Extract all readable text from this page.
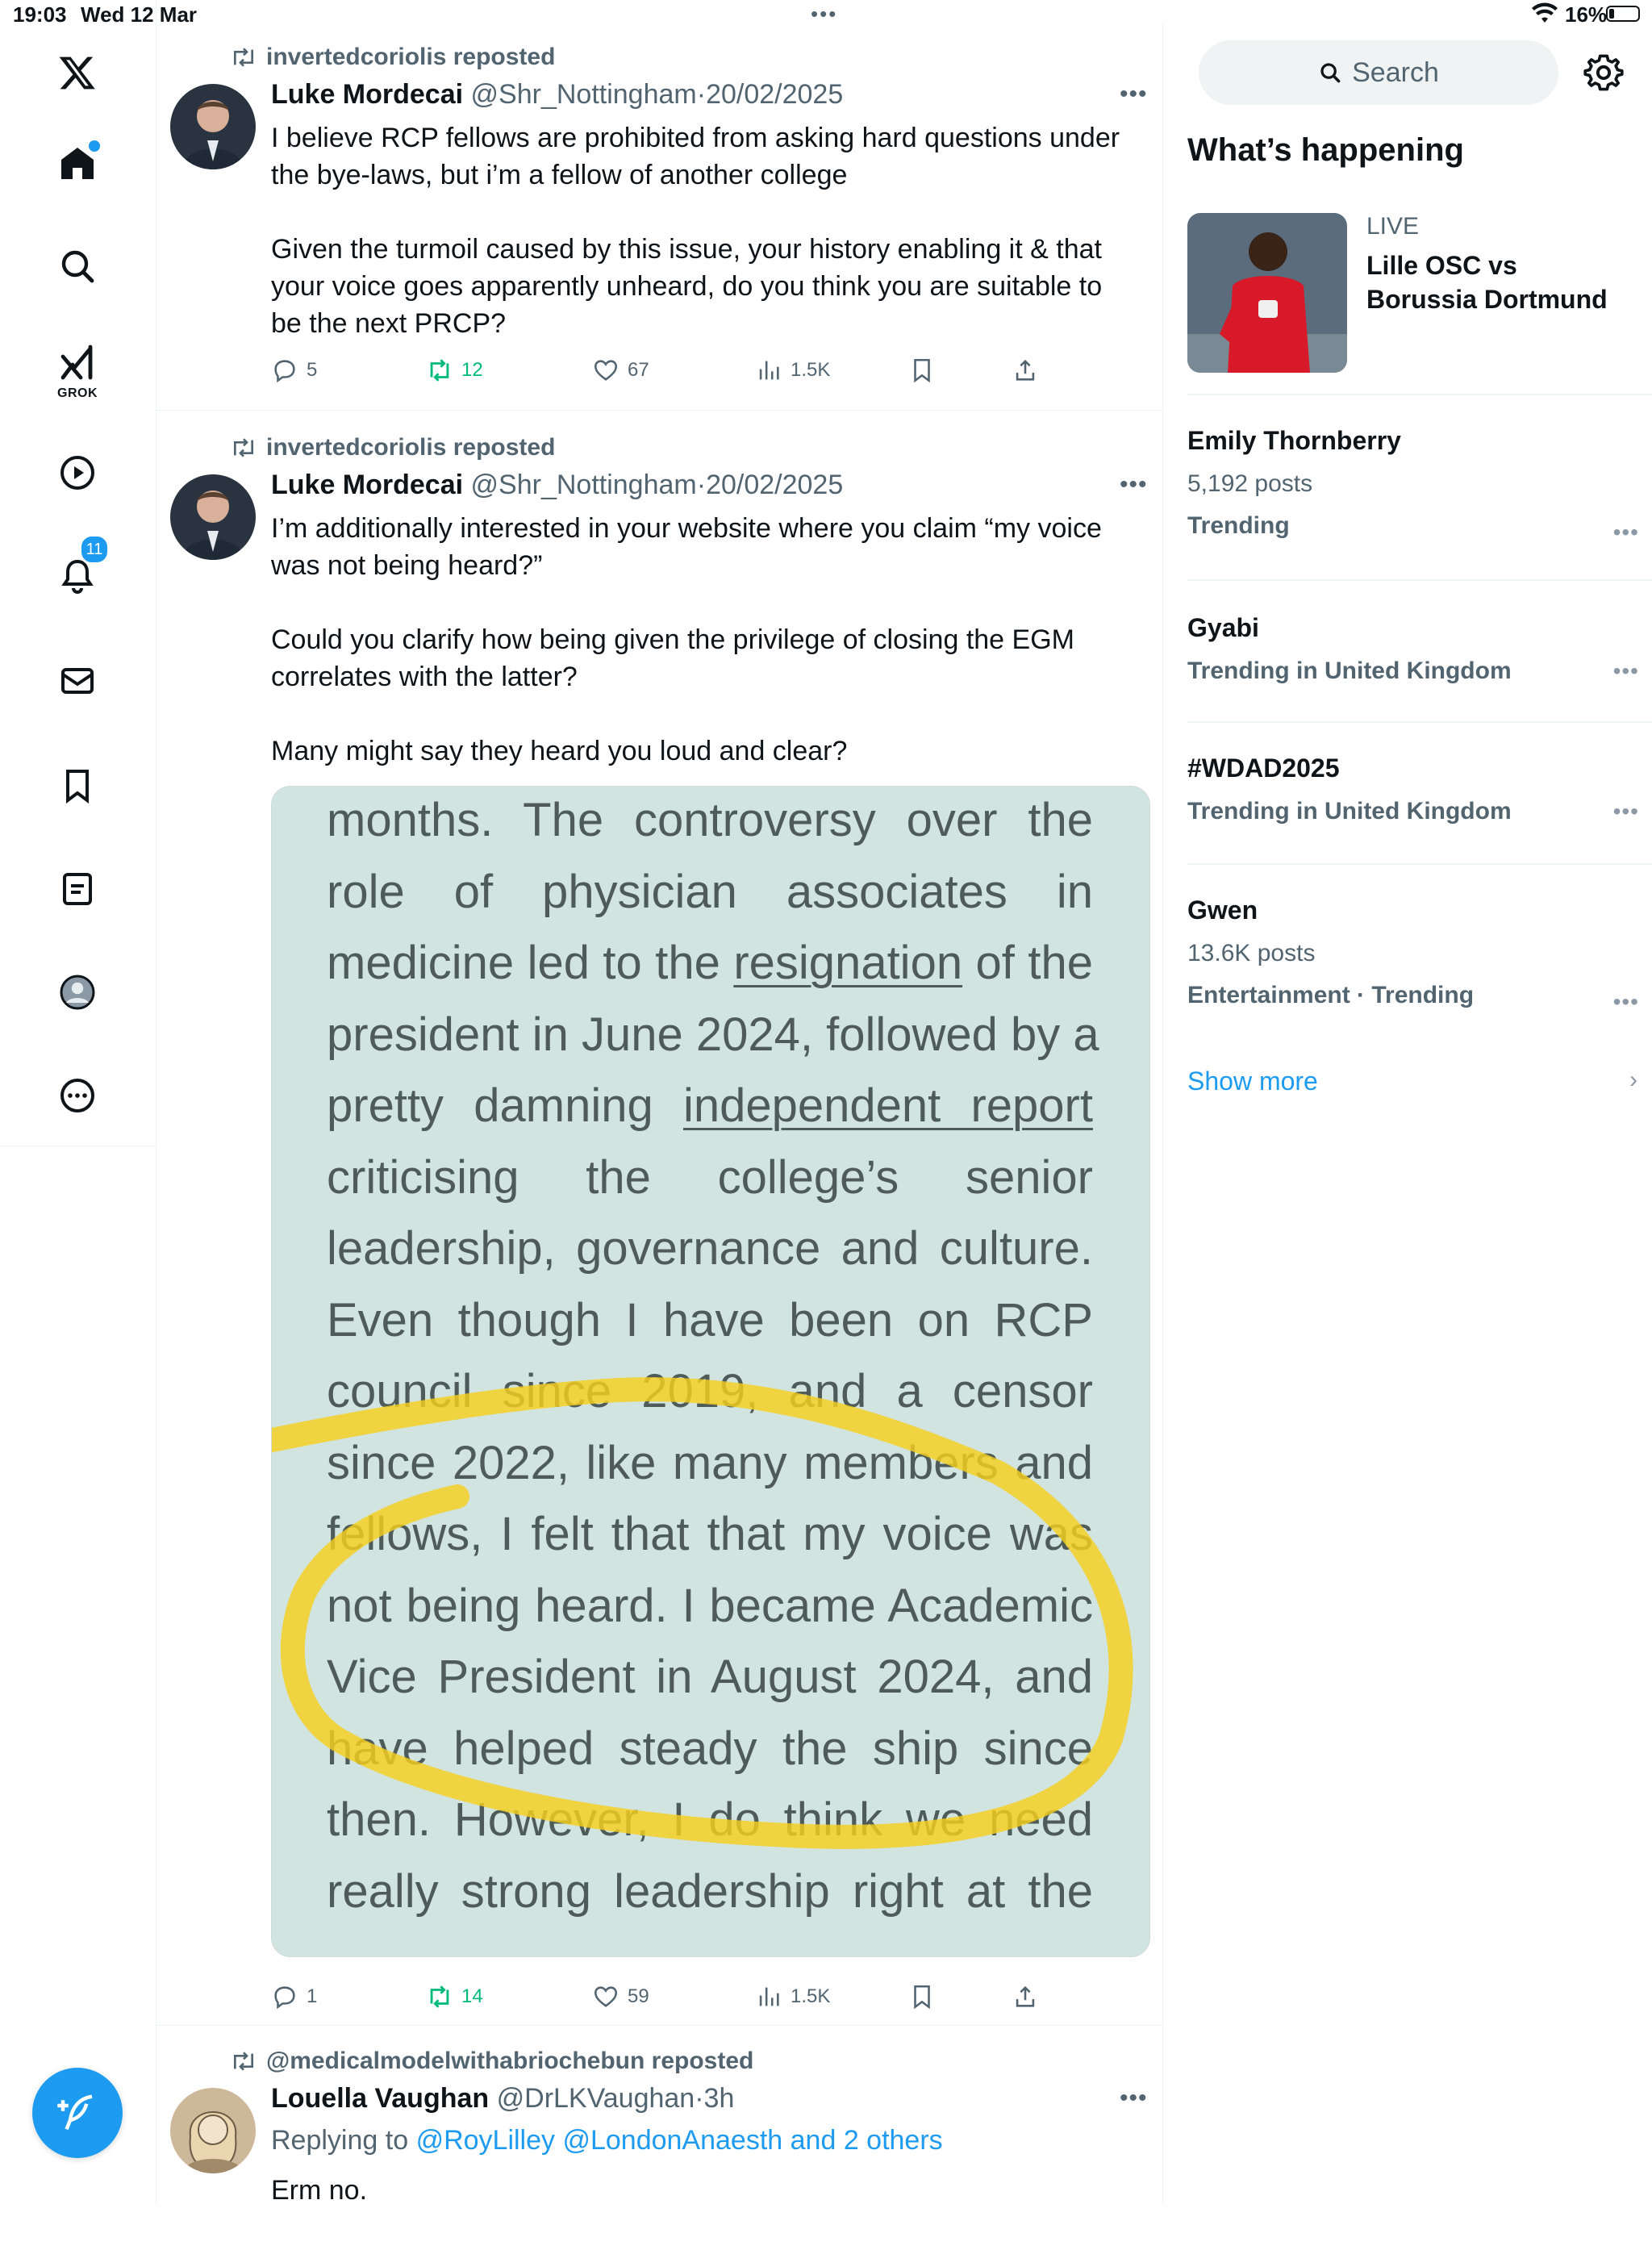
19:03 Wed 12 Mar	•••	16%
GROK
11
invertedcoriolis reposted
Luke Mordecai @Shr_Nottingham·20/02/2025	•••

I believe RCP fellows are prohibited from asking hard questions under the bye-laws, but i’m a fellow of another college

Given the turmoil caused by this issue, your history enabling it & that your voice goes apparently unheard, do you think you are suitable to be the next PRCP?

5	12	67	1.5K
invertedcoriolis reposted
Luke Mordecai @Shr_Nottingham·20/02/2025	•••

I’m additionally interested in your website where you claim “my voice was not being heard?”

Could you clarify how being given the privilege of closing the EGM correlates with the latter?

Many might say they heard you loud and clear?

months. The controversy over the
role of physician associates in
medicine led to the resignation of the
president in June 2024, followed by a
pretty damning independent report
criticising the college’s senior
leadership, governance and culture.
Even though I have been on RCP
council since 2019, and a censor
since 2022, like many members and
fellows, I felt that that my voice was
not being heard. I became Academic
Vice President in August 2024, and
have helped steady the ship since
then. However, I do think we need
really strong leadership right at the
1	14	59	1.5K
@medicalmodelwithabriochebun reposted
Louella Vaughan @DrLKVaughan·3h	•••
Replying to @RoyLilley @LondonAnaesth and 2 others

Erm no.

Search
What’s happening
LIVE
Lille OSC vs
Borussia Dortmund
Emily Thornberry
5,192 posts
Trending	•••
Gyabi
Trending in United Kingdom	•••
#WDAD2025
Trending in United Kingdom	•••
Gwen
13.6K posts
Entertainment · Trending	•••
Show more	›
